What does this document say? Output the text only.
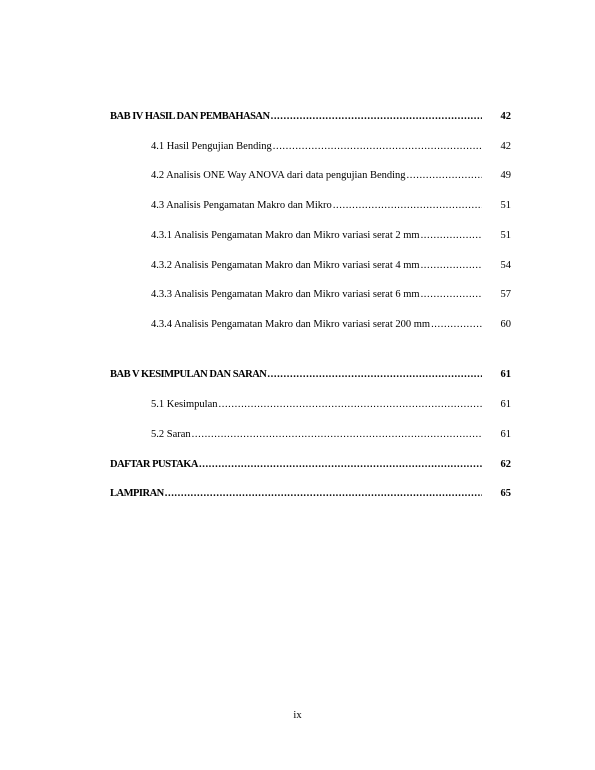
BAB IV HASIL DAN PEMBAHASAN .....	42
4.1 Hasil Pengujian Bending .....	42
4.2 Analisis ONE Way ANOVA dari data pengujian Bending .....	49
4.3 Analisis Pengamatan Makro dan Mikro .....	51
4.3.1 Analisis Pengamatan Makro dan Mikro variasi serat 2 mm .....	51
4.3.2 Analisis Pengamatan Makro dan Mikro variasi serat 4 mm .....	54
4.3.3 Analisis Pengamatan Makro dan Mikro variasi serat 6 mm .....	57
4.3.4 Analisis Pengamatan Makro dan Mikro variasi serat 200 mm .....	60
BAB V KESIMPULAN DAN SARAN .....	61
5.1 Kesimpulan .....	61
5.2 Saran .....	61
DAFTAR PUSTAKA .....	62
LAMPIRAN .....	65
ix
